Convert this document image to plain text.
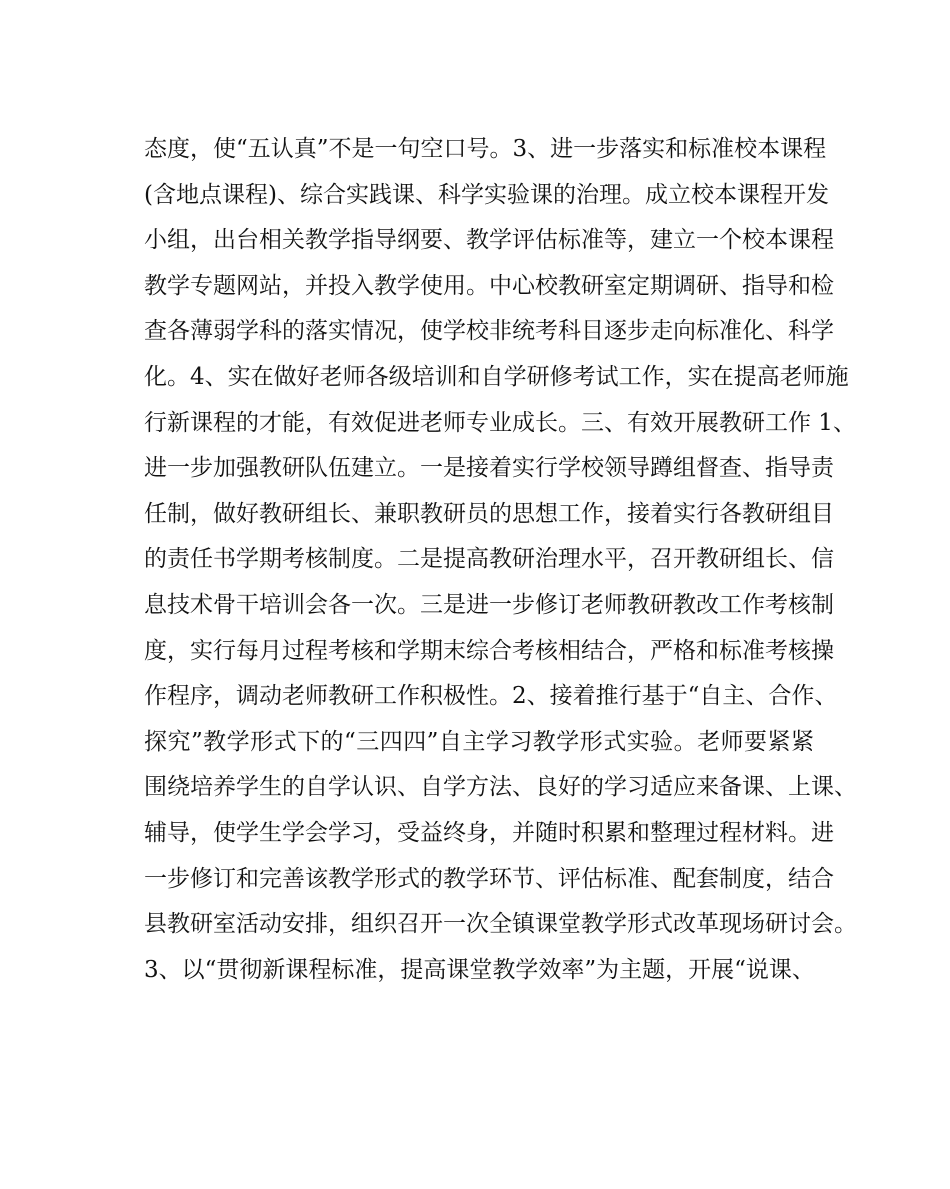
态度，使“五认真”不是一句空口号。3、进一步落实和标准校本课程
(含地点课程)、综合实践课、科学实验课的治理。成立校本课程开发
小组，出台相关教学指导纲要、教学评估标准等，建立一个校本课程
教学专题网站，并投入教学使用。中心校教研室定期调研、指导和检
查各薄弱学科的落实情况，使学校非统考科目逐步走向标准化、科学
化。4、实在做好老师各级培训和自学研修考试工作，实在提高老师施
行新课程的才能，有效促进老师专业成长。三、有效开展教研工作 1、
进一步加强教研队伍建立。一是接着实行学校领导蹲组督查、指导责
任制，做好教研组长、兼职教研员的思想工作，接着实行各教研组目
的责任书学期考核制度。二是提高教研治理水平，召开教研组长、信
息技术骨干培训会各一次。三是进一步修订老师教研教改工作考核制
度，实行每月过程考核和学期末综合考核相结合，严格和标准考核操
作程序，调动老师教研工作积极性。2、接着推行基于“自主、合作、
探究”教学形式下的“三四四”自主学习教学形式实验。老师要紧紧
围绕培养学生的自学认识、自学方法、良好的学习适应来备课、上课、
辅导，使学生学会学习，受益终身，并随时积累和整理过程材料。进
一步修订和完善该教学形式的教学环节、评估标准、配套制度，结合
县教研室活动安排，组织召开一次全镇课堂教学形式改革现场研讨会。
3、以“贯彻新课程标准，提高课堂教学效率”为主题，开展“说课、
